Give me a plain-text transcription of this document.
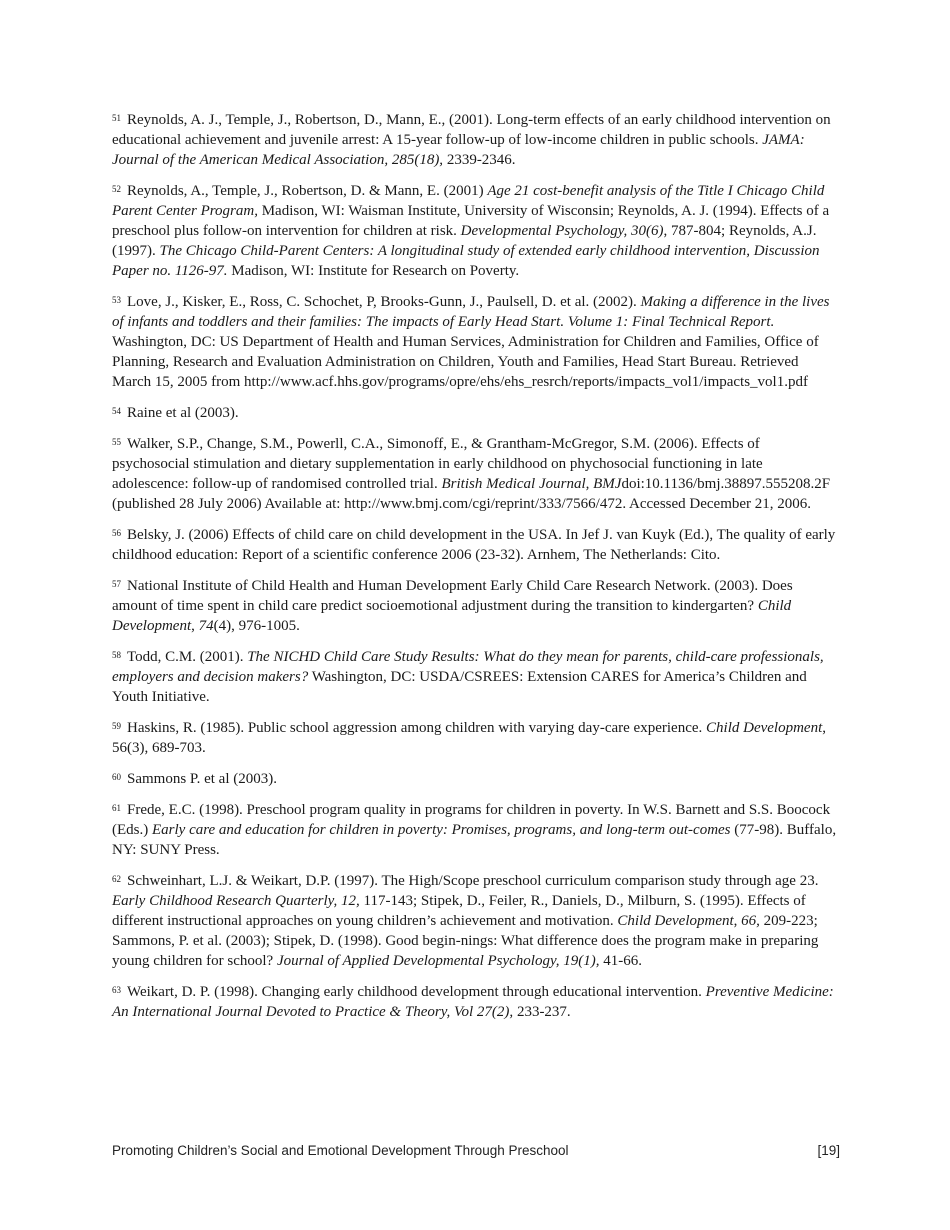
$^{51}$ Reynolds, A. J., Temple, J., Robertson, D., Mann, E., (2001). Long-term effects of an early childhood intervention on educational achievement and juvenile arrest: A 15-year follow-up of low-income children in public schools. JAMA: Journal of the American Medical Association, 285(18), 2339-2346.

$^{52}$ Reynolds, A., Temple, J., Robertson, D. & Mann, E. (2001) Age 21 cost-benefit analysis of the Title I Chicago Child Parent Center Program, Madison, WI: Waisman Institute, University of Wisconsin; Reynolds, A. J. (1994). Effects of a preschool plus follow-on intervention for children at risk. Developmental Psychology, 30(6), 787-804; Reynolds, A.J. (1997). The Chicago Child-Parent Centers: A longitudinal study of extended early childhood intervention, Discussion Paper no. 1126-97. Madison, WI: Institute for Research on Poverty.

$^{53}$ Love, J., Kisker, E., Ross, C. Schochet, P, Brooks-Gunn, J., Paulsell, D. et al. (2002). Making a difference in the lives of infants and toddlers and their families: The impacts of Early Head Start. Volume 1: Final Technical Report. Washington, DC: US Department of Health and Human Services, Administration for Children and Families, Office of Planning, Research and Evaluation Administration on Children, Youth and Families, Head Start Bureau. Retrieved March 15, 2005 from http://www.acf.hhs.gov/programs/opre/ehs/ehs_resrch/reports/impacts_vol1/impacts_vol1.pdf

$^{54}$ Raine et al (2003).

$^{55}$ Walker, S.P., Change, S.M., Powerll, C.A., Simonoff, E., & Grantham-McGregor, S.M. (2006). Effects of psychosocial stimulation and dietary supplementation in early childhood on phychosocial functioning in late adolescence: follow-up of randomised controlled trial. British Medical Journal, BMJdoi:10.1136/bmj.38897.555208.2F (published 28 July 2006) Available at: http://www.bmj.com/cgi/reprint/333/7566/472. Accessed December 21, 2006.

$^{56}$ Belsky, J. (2006) Effects of child care on child development in the USA. In Jef J. van Kuyk (Ed.), The quality of early childhood education: Report of a scientific conference 2006 (23-32). Arnhem, The Netherlands: Cito.

$^{57}$ National Institute of Child Health and Human Development Early Child Care Research Network. (2003). Does amount of time spent in child care predict socioemotional adjustment during the transition to kindergarten? Child Development, 74(4), 976-1005.

$^{58}$ Todd, C.M. (2001). The NICHD Child Care Study Results: What do they mean for parents, child-care professionals, employers and decision makers? Washington, DC: USDA/CSREES: Extension CARES for America’s Children and Youth Initiative.

$^{59}$ Haskins, R. (1985). Public school aggression among children with varying day-care experience. Child Development, 56(3), 689-703.

$^{60}$ Sammons P. et al (2003).

$^{61}$ Frede, E.C. (1998). Preschool program quality in programs for children in poverty. In W.S. Barnett and S.S. Boocock (Eds.) Early care and education for children in poverty: Promises, programs, and long-term out-comes (77-98). Buffalo, NY: SUNY Press.

$^{62}$ Schweinhart, L.J. & Weikart, D.P. (1997). The High/Scope preschool curriculum comparison study through age 23. Early Childhood Research Quarterly, 12, 117-143; Stipek, D., Feiler, R., Daniels, D., Milburn, S. (1995). Effects of different instructional approaches on young children’s achievement and motivation. Child Development, 66, 209-223; Sammons, P. et al. (2003); Stipek, D. (1998). Good begin-nings: What difference does the program make in preparing young children for school? Journal of Applied Developmental Psychology, 19(1), 41-66.

$^{63}$ Weikart, D. P. (1998). Changing early childhood development through educational intervention. Preventive Medicine: An International Journal Devoted to Practice & Theory, Vol 27(2), 233-237.

Promoting Children’s Social and Emotional Development Through Preschool	[19]
